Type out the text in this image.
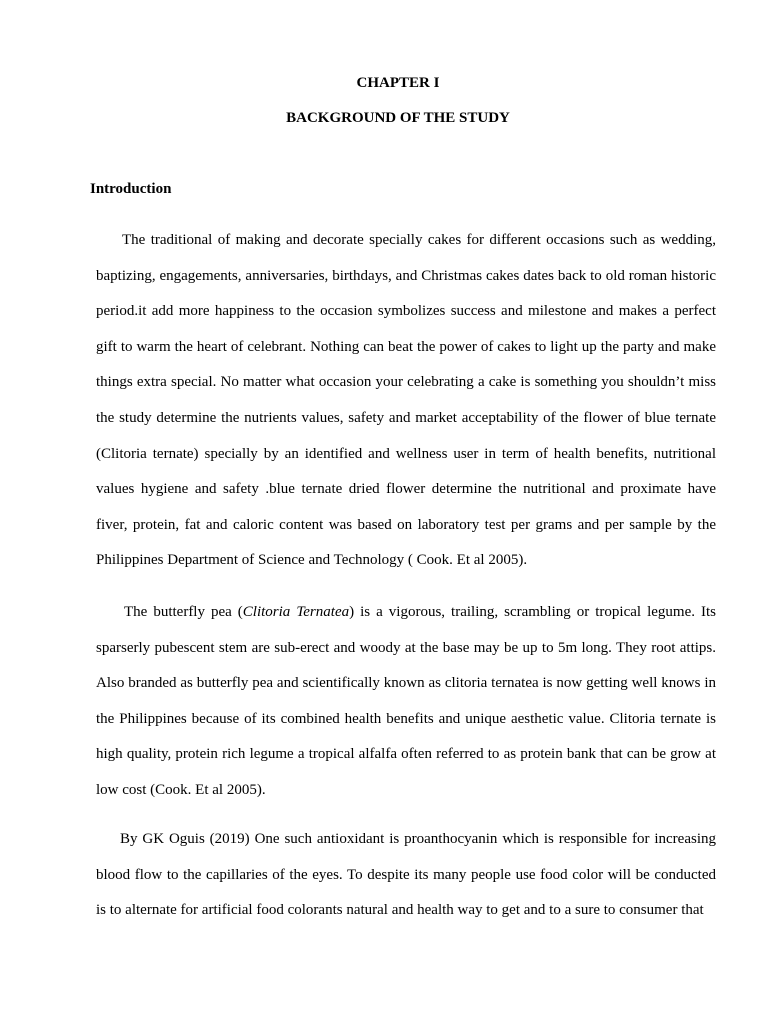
CHAPTER I

BACKGROUND OF THE STUDY

Introduction

The traditional of making and decorate specially cakes for different occasions such as wedding,
baptizing, engagements, anniversaries, birthdays, and Christmas cakes dates back to old roman historic
period.it add more happiness to the occasion symbolizes success and milestone and makes a perfect
gift to warm the heart of celebrant. Nothing can beat the power of cakes to light up the party and make
things extra special. No matter what occasion your celebrating a cake is something you shouldn’t miss
the study determine the nutrients values, safety and market acceptability of the flower of blue ternate
(Clitoria ternate) specially by an identified and wellness user in term of health benefits, nutritional
values hygiene and safety .blue ternate dried flower determine the nutritional and proximate have
fiver, protein, fat and caloric content was based on laboratory test per grams and per sample by the
Philippines Department of Science and Technology ( Cook. Et al 2005).
The butterfly pea (Clitoria Ternatea) is a vigorous, trailing, scrambling or tropical legume. Its
sparserly pubescent stem are sub-erect and woody at the base may be up to 5m long. They root attips.
Also branded as butterfly pea and scientifically known as clitoria ternatea is now getting well knows in
the Philippines because of its combined health benefits and unique aesthetic value. Clitoria ternate is
high quality, protein rich legume a tropical alfalfa often referred to as protein bank that can be grow at
low cost (Cook. Et al 2005).
By GK Oguis (2019) One such antioxidant is proanthocyanin which is responsible for increasing
blood flow to the capillaries of the eyes. To despite its many people use food color will be conducted
is to alternate for artificial food colorants natural and health way to get and to a sure to consumer that
